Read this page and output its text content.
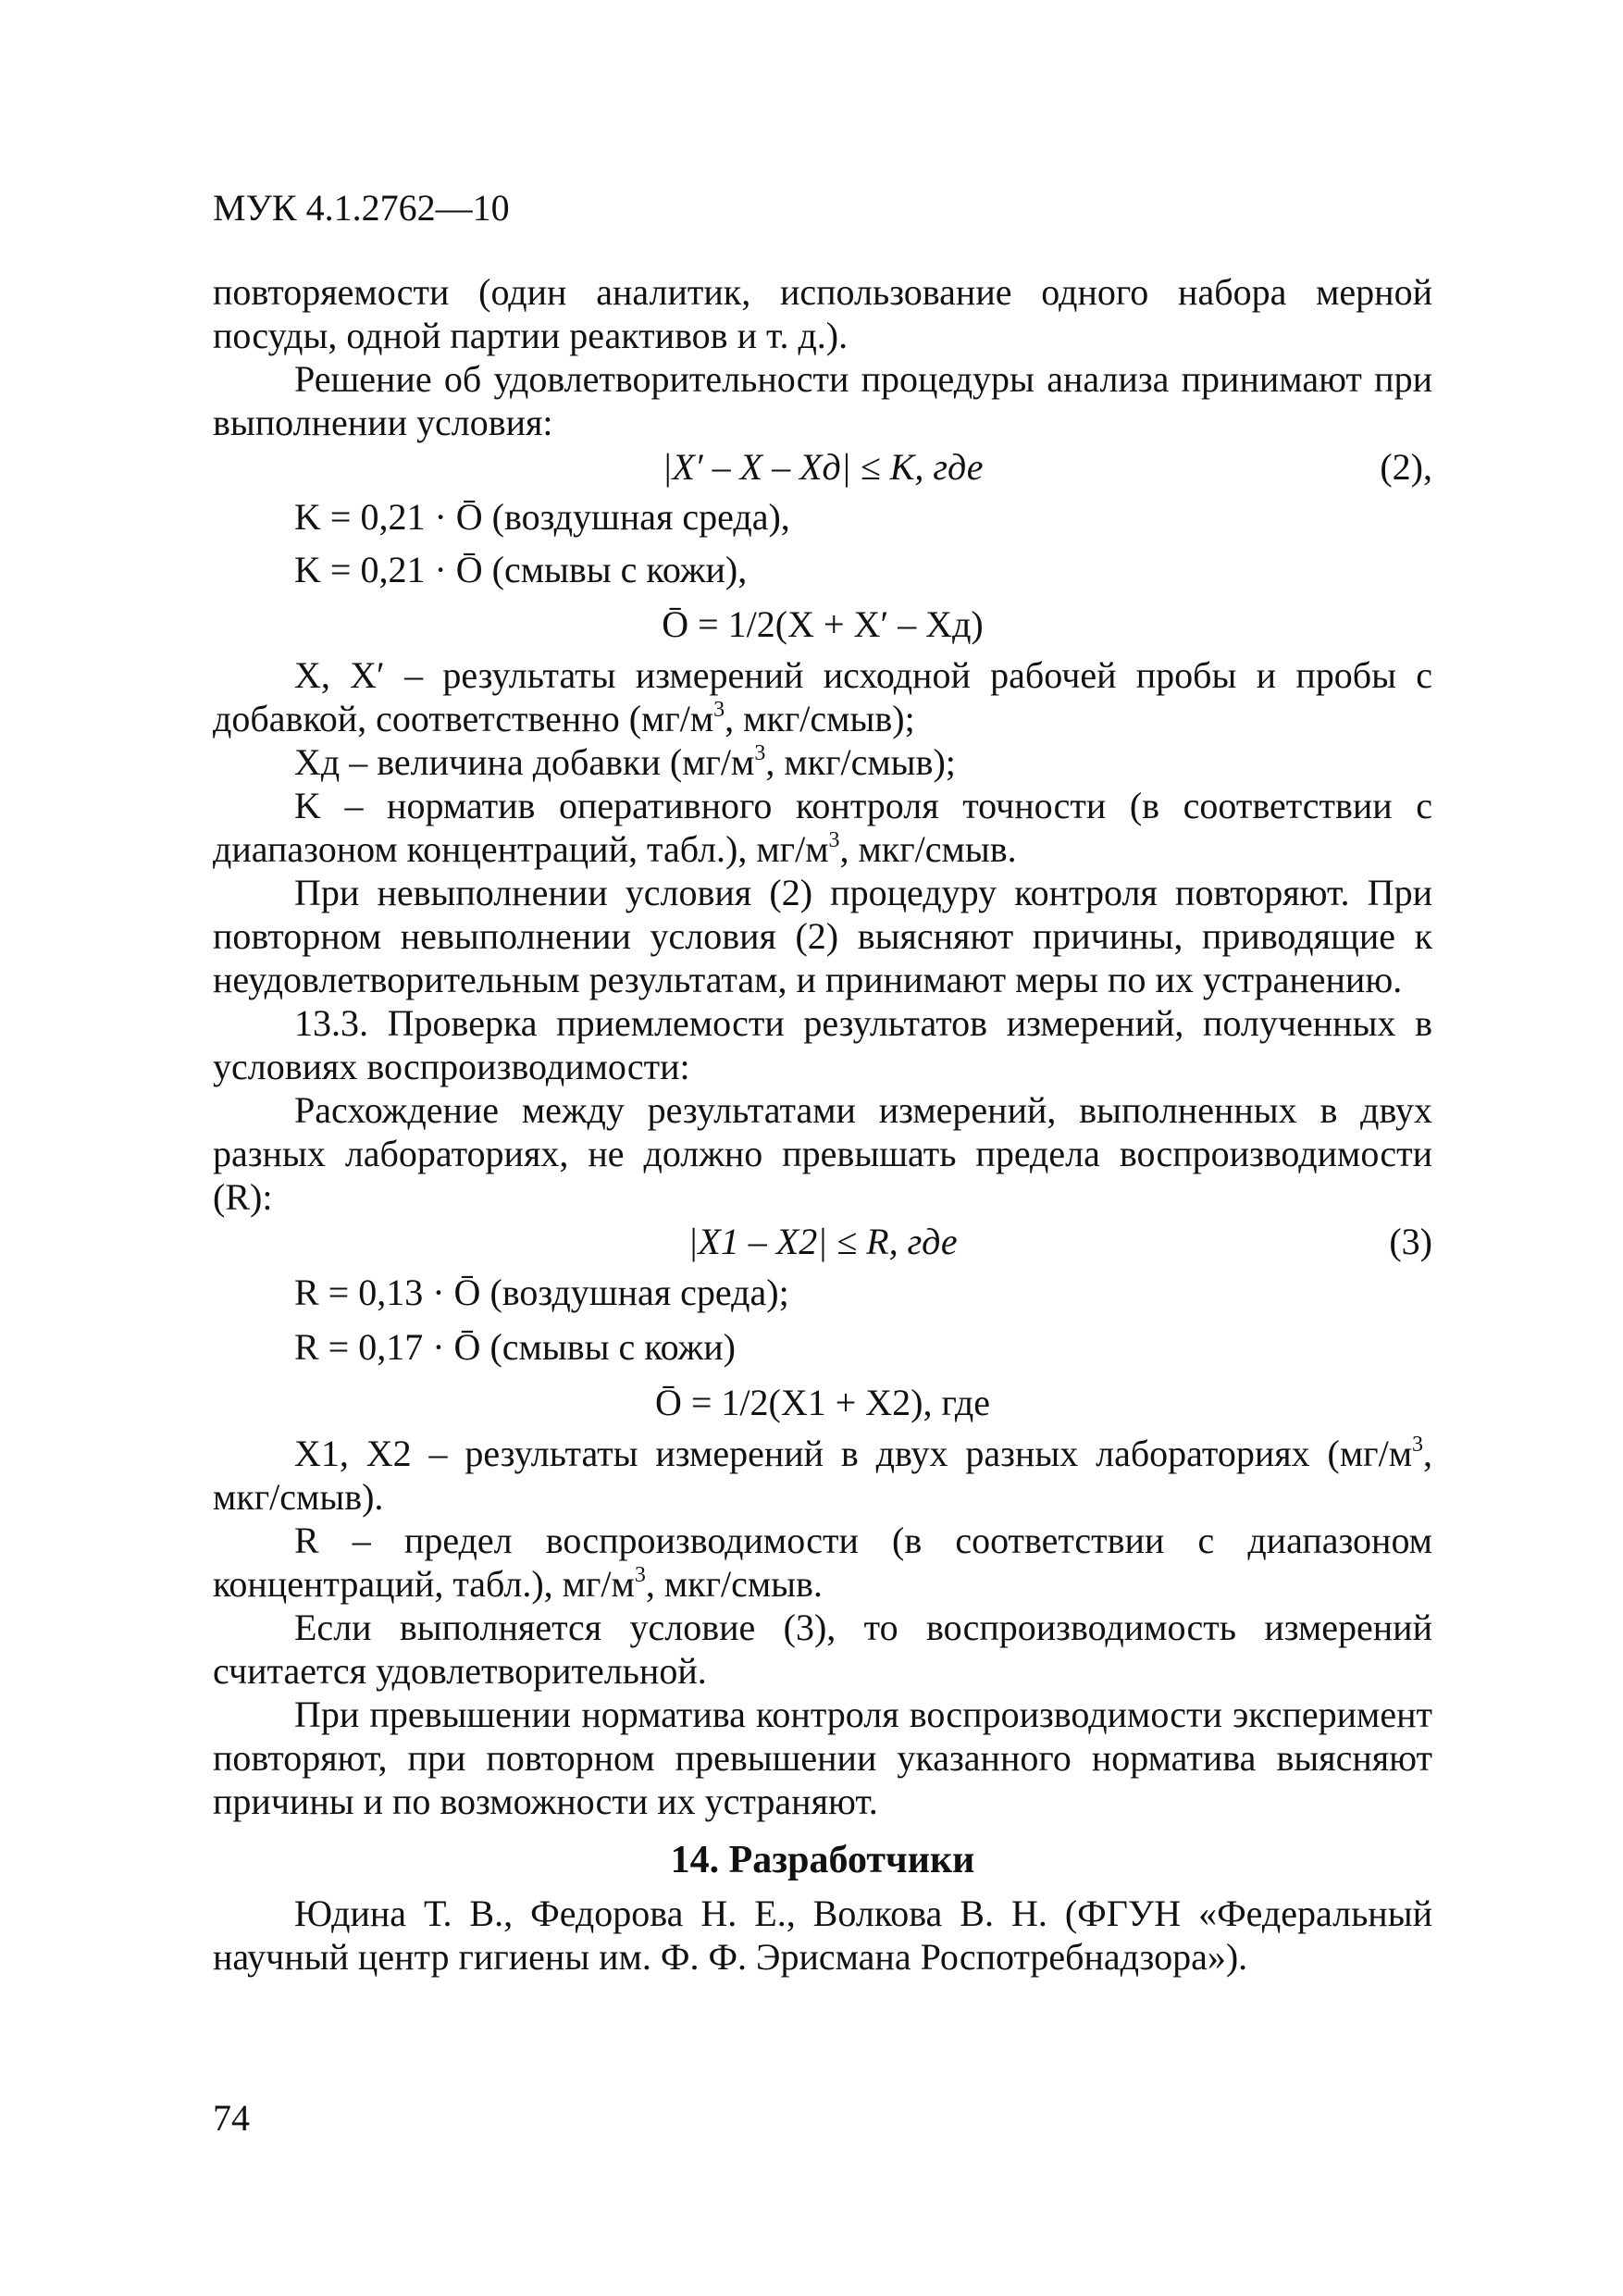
МУК 4.1.2762—10

повторяемости (один аналитик, использование одного набора мерной посуды, одной партии реактивов и т. д.).

Решение об удовлетворительности процедуры анализа принимают при выполнении условия:

|X′ – X – Xд| ≤ K, где	(2),
K = 0,21 · Ō (воздушная среда),
K = 0,21 · Ō (смывы с кожи),
Ō = 1/2(X + X′ – Xд)

X, X′ – результаты измерений исходной рабочей пробы и пробы с добавкой, соответственно ($мг/м^3$, мкг/смыв);

Xд – величина добавки ($мг/м^3$, мкг/смыв);

K – норматив оперативного контроля точности (в соответствии с диапазоном концентраций, табл.), $мг/м^3$, мкг/смыв.

При невыполнении условия (2) процедуру контроля повторяют. При повторном невыполнении условия (2) выясняют причины, приводящие к неудовлетворительным результатам, и принимают меры по их устранению.

13.3. Проверка приемлемости результатов измерений, полученных в условиях воспроизводимости:

Расхождение между результатами измерений, выполненных в двух разных лабораториях, не должно превышать предела воспроизводимости (R):

|X1 – X2| ≤ R, где	(3)
R = 0,13 · Ō (воздушная среда);
R = 0,17 · Ō (смывы с кожи)
Ō = 1/2(X1 + X2), где

X1, X2 – результаты измерений в двух разных лабораториях ($мг/м^3$, мкг/смыв).

R – предел воспроизводимости (в соответствии с диапазоном концентраций, табл.), $мг/м^3$, мкг/смыв.

Если выполняется условие (3), то воспроизводимость измерений считается удовлетворительной.

При превышении норматива контроля воспроизводимости эксперимент повторяют, при повторном превышении указанного норматива выясняют причины и по возможности их устраняют.

14. Разработчики

Юдина Т. В., Федорова Н. Е., Волкова В. Н. (ФГУН «Федеральный научный центр гигиены им. Ф. Ф. Эрисмана Роспотребнадзора»).

74
